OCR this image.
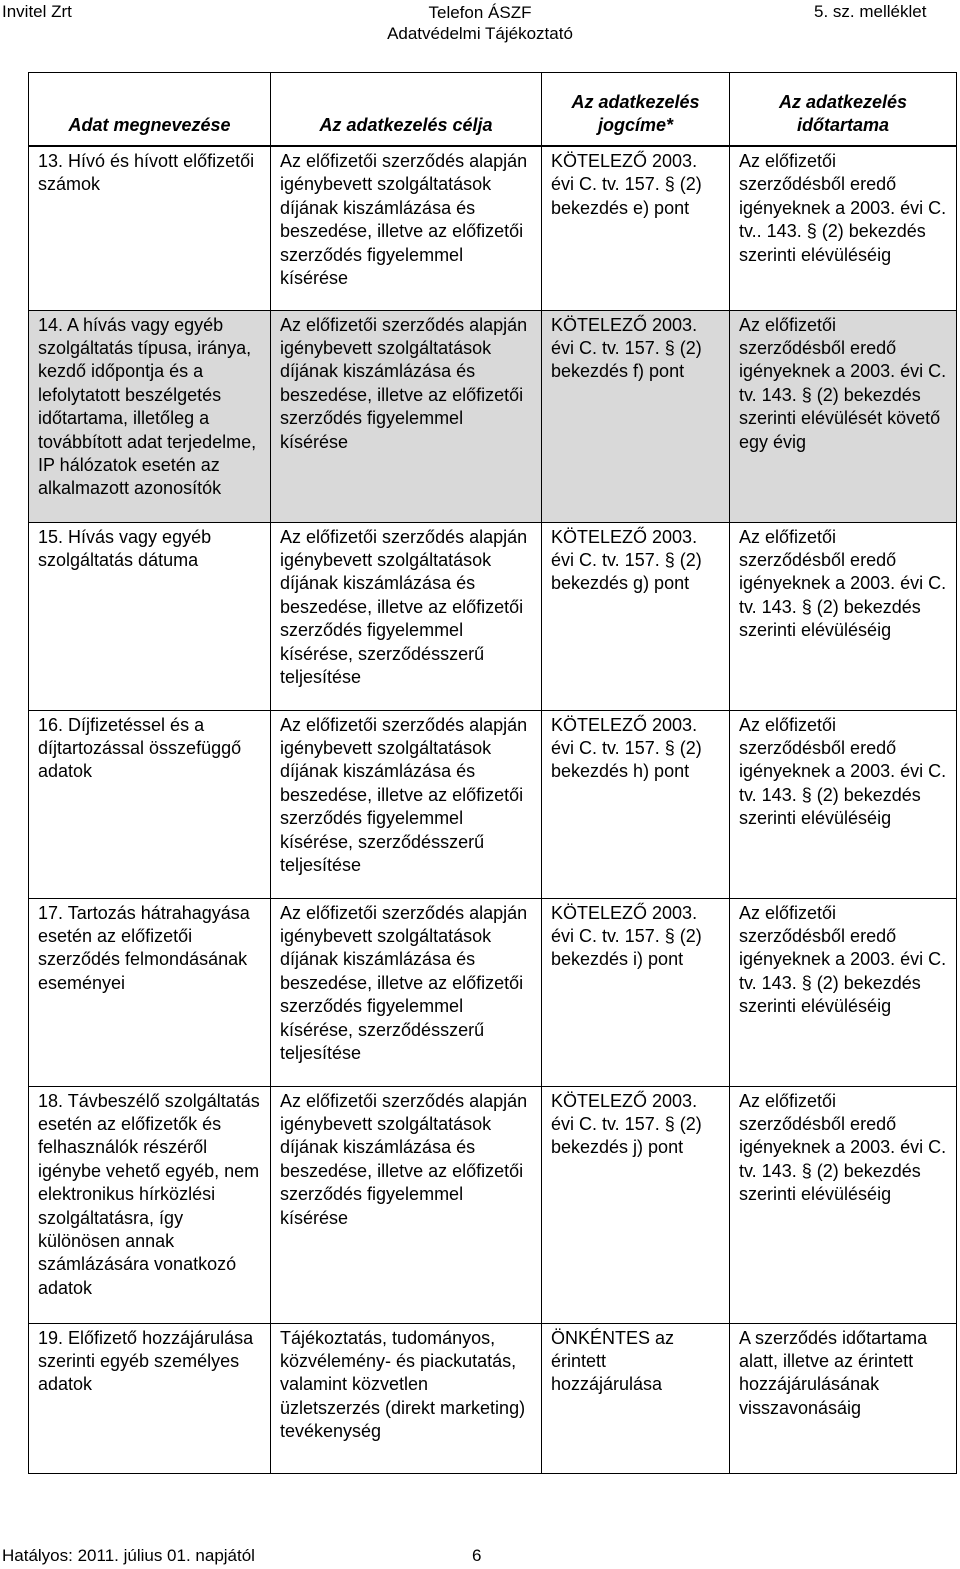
Invitel Zrt	Telefon ÁSZF
Adatvédelmi Tájékoztató
5. sz. melléklet
Adat megnevezése	Az adatkezelés célja	Az adatkezelés jogcíme*	Az adatkezelés időtartama
13. Hívó és hívott előfizetői számok	Az előfizetői szerződés alapján igénybevett szolgáltatások díjának kiszámlázása és beszedése, illetve az előfizetői szerződés figyelemmel kísérése	KÖTELEZŐ 2003. évi C. tv. 157. § (2) bekezdés e) pont	Az előfizetői szerződésből eredő igényeknek a 2003. évi C. tv.. 143. § (2) bekezdés szerinti elévüléséig
14. A hívás vagy egyéb szolgáltatás típusa, iránya, kezdő időpontja és a lefolytatott beszélgetés időtartama, illetőleg a továbbított adat terjedelme, IP hálózatok esetén az alkalmazott azonosítók	Az előfizetői szerződés alapján igénybevett szolgáltatások díjának kiszámlázása és beszedése, illetve az előfizetői szerződés figyelemmel kísérése	KÖTELEZŐ 2003. évi C. tv. 157. § (2) bekezdés f) pont	Az előfizetői szerződésből eredő igényeknek a 2003. évi C. tv. 143. § (2) bekezdés szerinti elévülését követő egy évig
15. Hívás vagy egyéb szolgáltatás dátuma	Az előfizetői szerződés alapján igénybevett szolgáltatások díjának kiszámlázása és beszedése, illetve az előfizetői szerződés figyelemmel kísérése, szerződésszerű teljesítése	KÖTELEZŐ 2003. évi C. tv. 157. § (2) bekezdés g) pont	Az előfizetői szerződésből eredő igényeknek a 2003. évi C. tv. 143. § (2) bekezdés szerinti elévüléséig
16. Díjfizetéssel és a díjtartozással összefüggő adatok	Az előfizetői szerződés alapján igénybevett szolgáltatások díjának kiszámlázása és beszedése, illetve az előfizetői szerződés figyelemmel kísérése, szerződésszerű teljesítése	KÖTELEZŐ 2003. évi C. tv. 157. § (2) bekezdés h) pont	Az előfizetői szerződésből eredő igényeknek a 2003. évi C. tv. 143. § (2) bekezdés szerinti elévüléséig
17. Tartozás hátrahagyása esetén az előfizetői szerződés felmondásának eseményei	Az előfizetői szerződés alapján igénybevett szolgáltatások díjának kiszámlázása és beszedése, illetve az előfizetői szerződés figyelemmel kísérése, szerződésszerű teljesítése	KÖTELEZŐ 2003. évi C. tv. 157. § (2) bekezdés i) pont	Az előfizetői szerződésből eredő igényeknek a 2003. évi C. tv. 143. § (2) bekezdés szerinti elévüléséig
18. Távbeszélő szolgáltatás esetén az előfizetők és felhasználók részéről igénybe vehető egyéb, nem elektronikus hírközlési szolgáltatásra, így különösen annak számlázására vonatkozó adatok	Az előfizetői szerződés alapján igénybevett szolgáltatások díjának kiszámlázása és beszedése, illetve az előfizetői szerződés figyelemmel kísérése	KÖTELEZŐ 2003. évi C. tv. 157. § (2) bekezdés j) pont	Az előfizetői szerződésből eredő igényeknek a 2003. évi C. tv. 143. § (2) bekezdés szerinti elévüléséig
19. Előfizető hozzájárulása szerinti egyéb személyes adatok	Tájékoztatás, tudományos, közvélemény- és piackutatás, valamint közvetlen üzletszerzés (direkt marketing) tevékenység	ÖNKÉNTES az érintett hozzájárulása	A szerződés időtartama alatt, illetve az érintett hozzájárulásának visszavonásáig
Hatályos: 2011. július 01. napjától	6
